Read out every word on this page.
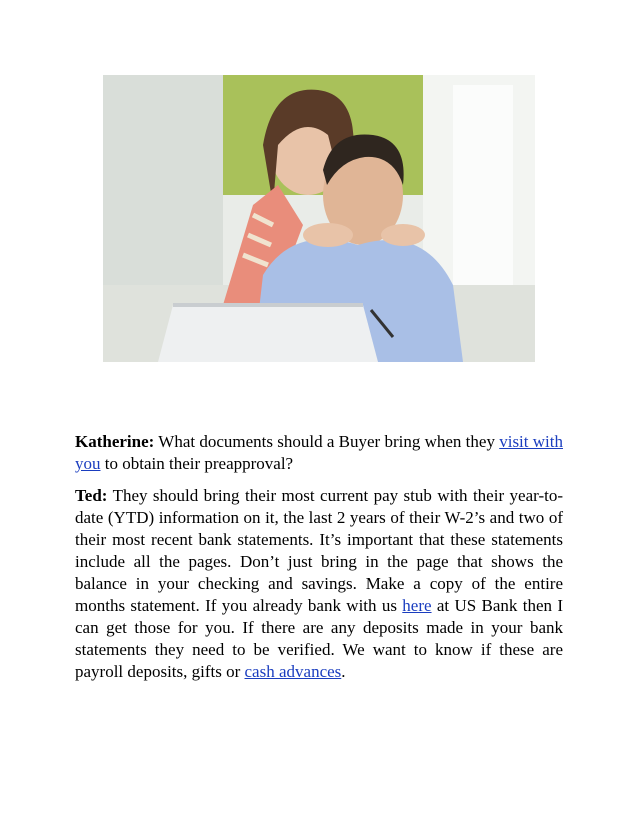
Katherine: What documents should a Buyer bring when they visit with you to obtain their preapproval?

Ted: They should bring their most current pay stub with their year-to-date (YTD) information on it, the last 2 years of their W-2’s and two of their most recent bank statements. It’s important that these statements include all the pages. Don’t just bring in the page that shows the balance in your checking and savings. Make a copy of the entire months statement. If you already bank with us here at US Bank then I can get those for you. If there are any deposits made in your bank statements they need to be verified. We want to know if these are payroll deposits, gifts or cash advances.
